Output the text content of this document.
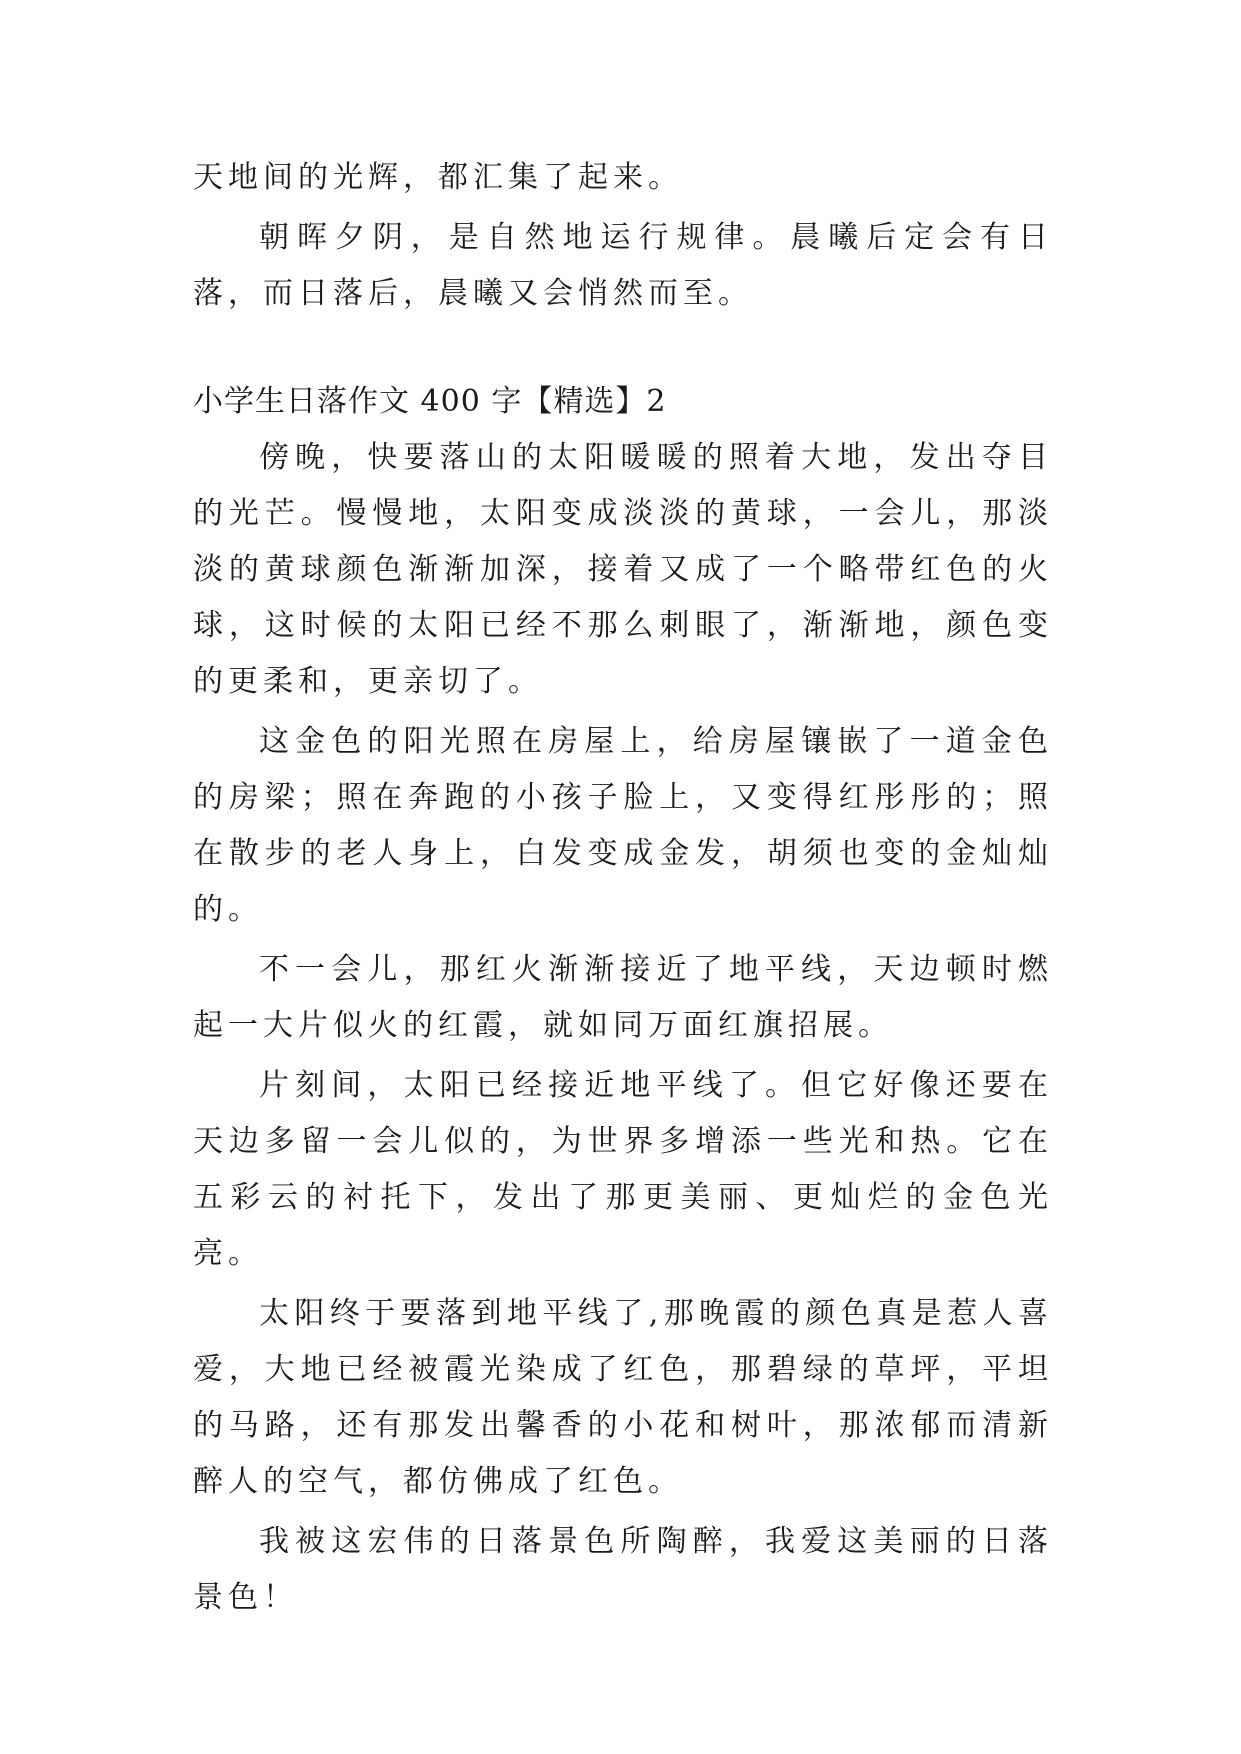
天地间的光辉，都汇集了起来。

朝晖夕阴，是自然地运行规律。晨曦后定会有日落，而日落后，晨曦又会悄然而至。

小学生日落作文 400 字【精选】2

傍晚，快要落山的太阳暖暖的照着大地，发出夺目的光芒。慢慢地，太阳变成淡淡的黄球，一会儿，那淡淡的黄球颜色渐渐加深，接着又成了一个略带红色的火球，这时候的太阳已经不那么刺眼了，渐渐地，颜色变的更柔和，更亲切了。

这金色的阳光照在房屋上，给房屋镶嵌了一道金色的房梁；照在奔跑的小孩子脸上，又变得红彤彤的；照在散步的老人身上，白发变成金发，胡须也变的金灿灿的。

不一会儿，那红火渐渐接近了地平线，天边顿时燃起一大片似火的红霞，就如同万面红旗招展。

片刻间，太阳已经接近地平线了。但它好像还要在天边多留一会儿似的，为世界多增添一些光和热。它在五彩云的衬托下，发出了那更美丽、更灿烂的金色光亮。

太阳终于要落到地平线了,那晚霞的颜色真是惹人喜爱，大地已经被霞光染成了红色，那碧绿的草坪，平坦的马路，还有那发出馨香的小花和树叶，那浓郁而清新醉人的空气，都仿佛成了红色。

我被这宏伟的日落景色所陶醉，我爱这美丽的日落景色！
